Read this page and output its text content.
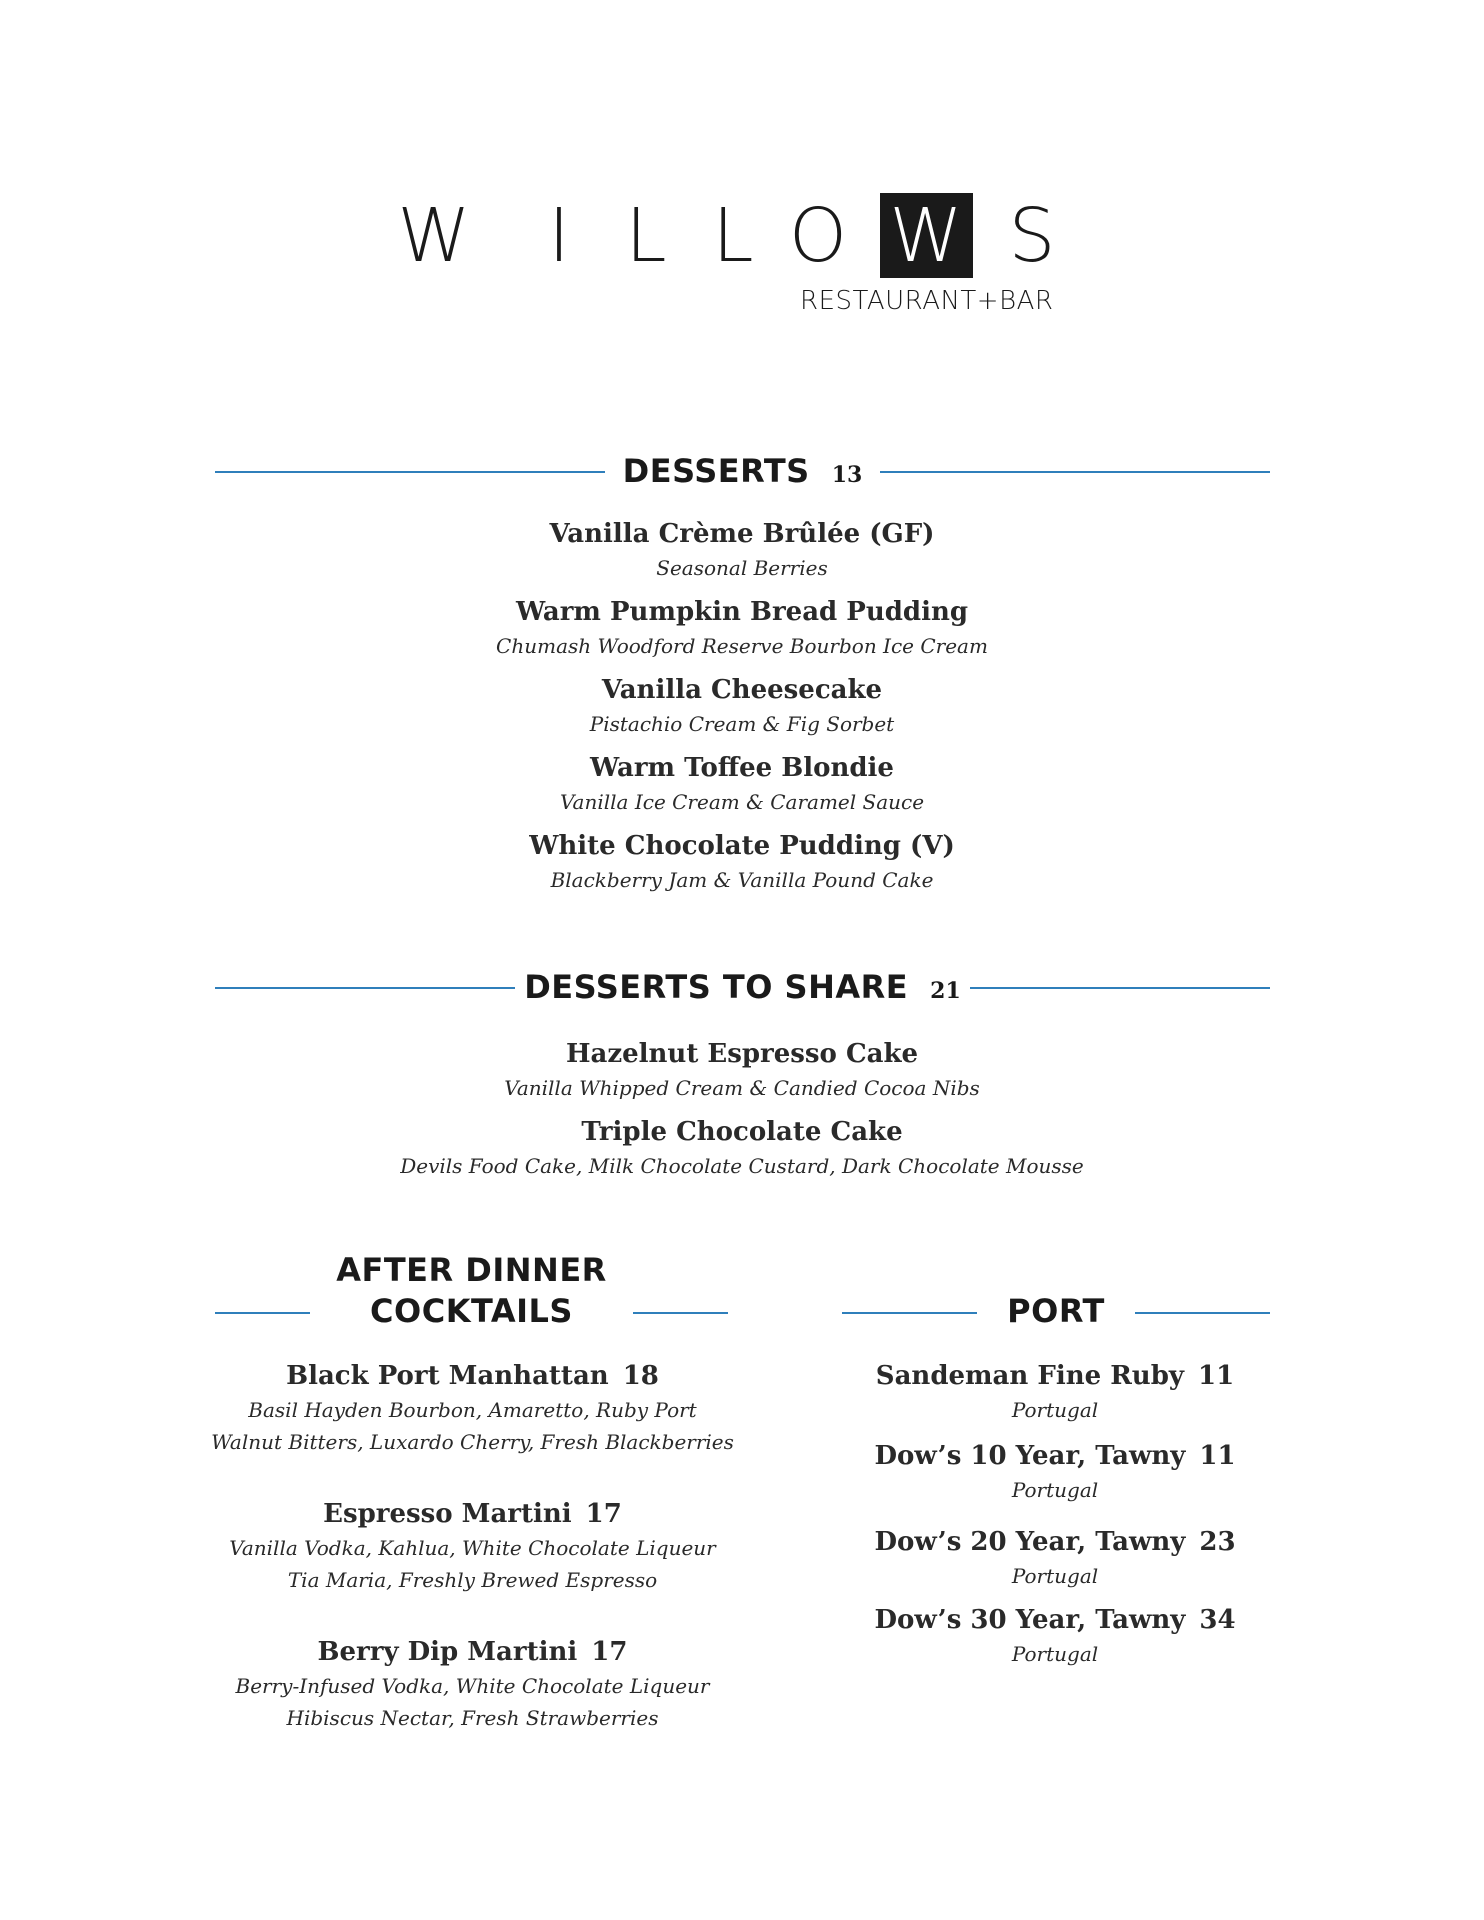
W	I L L O W S
RESTAURANT+BAR
DESSERTS 13
Vanilla Crème Brûlée (GF)
Seasonal Berries
Warm Pumpkin Bread Pudding
Chumash Woodford Reserve Bourbon Ice Cream
Vanilla Cheesecake
Pistachio Cream & Fig Sorbet
Warm Toffee Blondie
Vanilla Ice Cream & Caramel Sauce
White Chocolate Pudding (V)
Blackberry Jam & Vanilla Pound Cake
DESSERTS TO SHARE 21
Hazelnut Espresso Cake
Vanilla Whipped Cream & Candied Cocoa Nibs
Triple Chocolate Cake
Devils Food Cake, Milk Chocolate Custard, Dark Chocolate Mousse
AFTER DINNER
COCKTAILS
Black Port Manhattan 18
Basil Hayden Bourbon, Amaretto, Ruby Port
Walnut Bitters, Luxardo Cherry, Fresh Blackberries
Espresso Martini 17
Vanilla Vodka, Kahlua, White Chocolate Liqueur
Tia Maria, Freshly Brewed Espresso
Berry Dip Martini 17
Berry-Infused Vodka, White Chocolate Liqueur
Hibiscus Nectar, Fresh Strawberries
PORT
Sandeman Fine Ruby 11
Portugal
Dow’s 10 Year, Tawny 11
Portugal
Dow’s 20 Year, Tawny 23
Portugal
Dow’s 30 Year, Tawny 34
Portugal
